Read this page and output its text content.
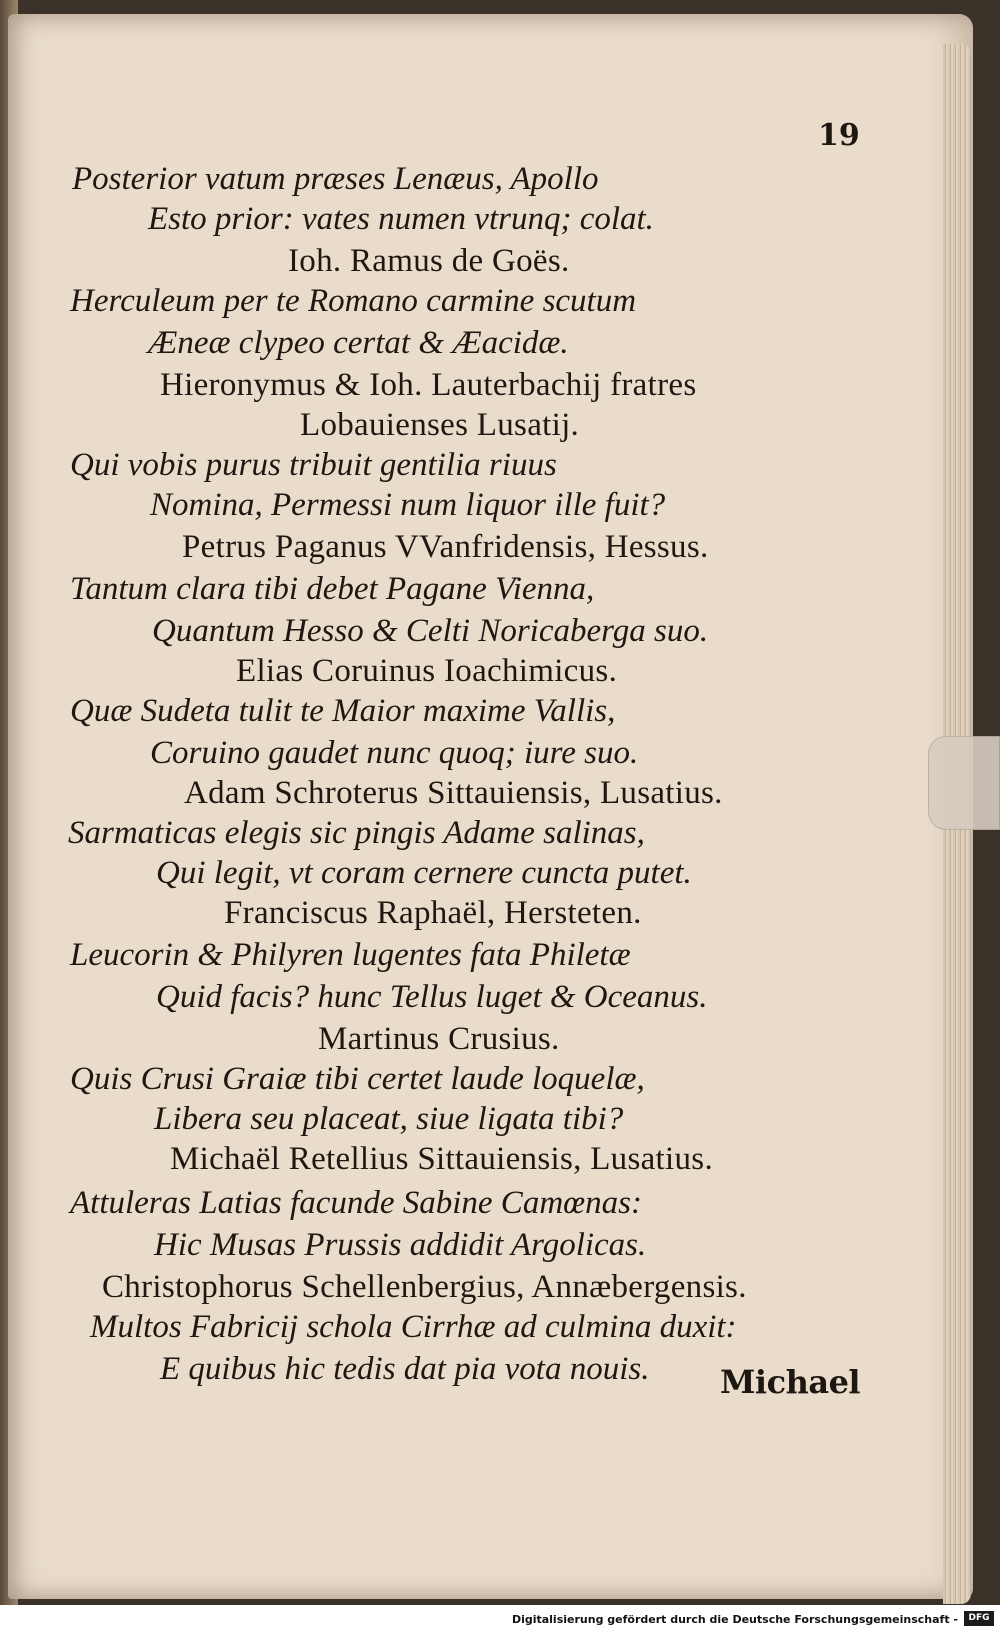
19
Posterior vatum præses Lenæus, Apollo
Esto prior: vates numen vtrunq; colat.
Ioh. Ramus de Goës.
Herculeum per te Romano carmine scutum
Æneæ clypeo certat & Æacidæ.
Hieronymus & Ioh. Lauterbachij fratres
Lobauienses Lusatij.
Qui vobis purus tribuit gentilia riuus
Nomina, Permessi num liquor ille fuit?
Petrus Paganus VVanfridensis, Hessus.
Tantum clara tibi debet Pagane Vienna,
Quantum Hesso & Celti Noricaberga suo.
Elias Coruinus Ioachimicus.
Quæ Sudeta tulit te Maior maxime Vallis,
Coruino gaudet nunc quoq; iure suo.
Adam Schroterus Sittauiensis, Lusatius.
Sarmaticas elegis sic pingis Adame salinas,
Qui legit, vt coram cernere cuncta putet.
Franciscus Raphaël, Hersteten.
Leucorin & Philyren lugentes fata Philetæ
Quid facis? hunc Tellus luget & Oceanus.
Martinus Crusius.
Quis Crusi Graiæ tibi certet laude loquelæ,
Libera seu placeat, siue ligata tibi?
Michaël Retellius Sittauiensis, Lusatius.
Attuleras Latias facunde Sabine Camœnas:
Hic Musas Prussis addidit Argolicas.
Christophorus Schellenbergius, Annæbergensis.
Multos Fabricij schola Cirrhæ ad culmina duxit:
E quibus hic tedis dat pia vota nouis. Michael
Digitalisierung gefördert durch die Deutsche Forschungsgemeinschaft -	DFG
